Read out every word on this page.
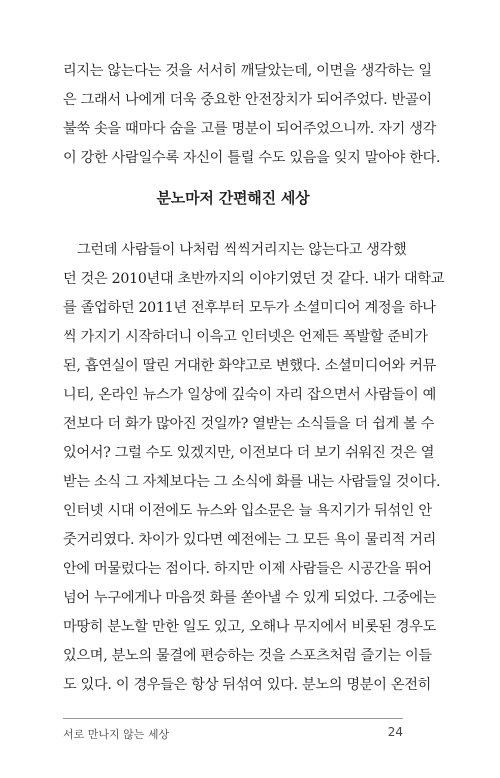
리지는 않는다는 것을 서서히 깨달았는데, 이면을 생각하는 일
은 그래서 나에게 더욱 중요한 안전장치가 되어주었다. 반골이
불쑥 솟을 때마다 숨을 고를 명분이 되어주었으니까. 자기 생각
이 강한 사람일수록 자신이 틀릴 수도 있음을 잊지 말아야 한다.
분노마저 간편해진 세상
그런데 사람들이 나처럼 씩씩거리지는 않는다고 생각했
던 것은 2010년대 초반까지의 이야기였던 것 같다. 내가 대학교
를 졸업하던 2011년 전후부터 모두가 소셜미디어 계정을 하나
씩 가지기 시작하더니 이윽고 인터넷은 언제든 폭발할 준비가
된, 흡연실이 딸린 거대한 화약고로 변했다. 소셜미디어와 커뮤
니티, 온라인 뉴스가 일상에 깊숙이 자리 잡으면서 사람들이 예
전보다 더 화가 많아진 것일까? 열받는 소식들을 더 쉽게 볼 수
있어서? 그럴 수도 있겠지만, 이전보다 더 보기 쉬워진 것은 열
받는 소식 그 자체보다는 그 소식에 화를 내는 사람들일 것이다.
인터넷 시대 이전에도 뉴스와 입소문은 늘 욕지기가 뒤섞인 안
줏거리였다. 차이가 있다면 예전에는 그 모든 욕이 물리적 거리
안에 머물렀다는 점이다. 하지만 이제 사람들은 시공간을 뛰어
넘어 누구에게나 마음껏 화를 쏟아낼 수 있게 되었다. 그중에는
마땅히 분노할 만한 일도 있고, 오해나 무지에서 비롯된 경우도
있으며, 분노의 물결에 편승하는 것을 스포츠처럼 즐기는 이들
도 있다. 이 경우들은 항상 뒤섞여 있다. 분노의 명분이 온전히
서로 만나지 않는 세상	24
